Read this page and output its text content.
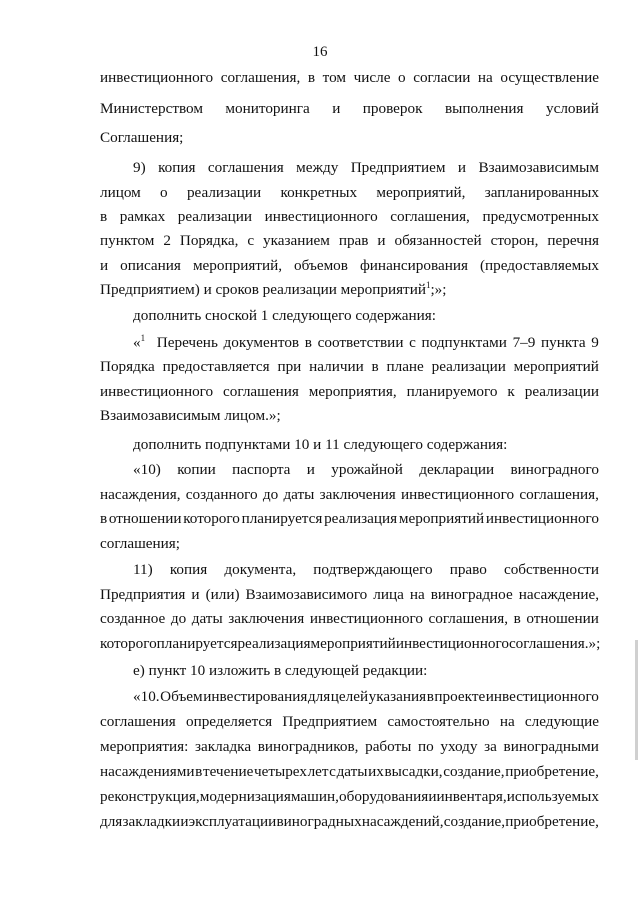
16
инвестиционного соглашения, в том числе о согласии на осуществление
Министерством мониторинга и проверок выполнения условий
Соглашения;
9) копия соглашения между Предприятием и Взаимозависимым
лицом о реализации конкретных мероприятий, запланированных
в рамках реализации инвестиционного соглашения, предусмотренных
пунктом 2 Порядка, с указанием прав и обязанностей сторон, перечня
и описания мероприятий, объемов финансирования (предоставляемых
Предприятием) и сроков реализации мероприятий$^1$;»;
дополнить сноской 1 следующего содержания:
«$^1$ Перечень документов в соответствии с подпунктами 7–9 пункта 9
Порядка предоставляется при наличии в плане реализации мероприятий
инвестиционного соглашения мероприятия, планируемого к реализации
Взаимозависимым лицом.»;
дополнить подпунктами 10 и 11 следующего содержания:
«10) копии паспорта и урожайной декларации виноградного
насаждения, созданного до даты заключения инвестиционного соглашения,
в отношении которого планируется реализация мероприятий инвестиционного
соглашения;
11) копия документа, подтверждающего право собственности
Предприятия и (или) Взаимозависимого лица на виноградное насаждение,
созданное до даты заключения инвестиционного соглашения, в отношении
которого планируется реализация мероприятий инвестиционного соглашения.»;
е) пункт 10 изложить в следующей редакции:
«10. Объем инвестирования для целей указания в проекте инвестиционного
соглашения определяется Предприятием самостоятельно на следующие
мероприятия: закладка виноградников, работы по уходу за виноградными
насаждениями в течение четырех лет с даты их высадки, создание, приобретение,
реконструкция, модернизация машин, оборудования и инвентаря, используемых
для закладки и эксплуатации виноградных насаждений, создание, приобретение,
